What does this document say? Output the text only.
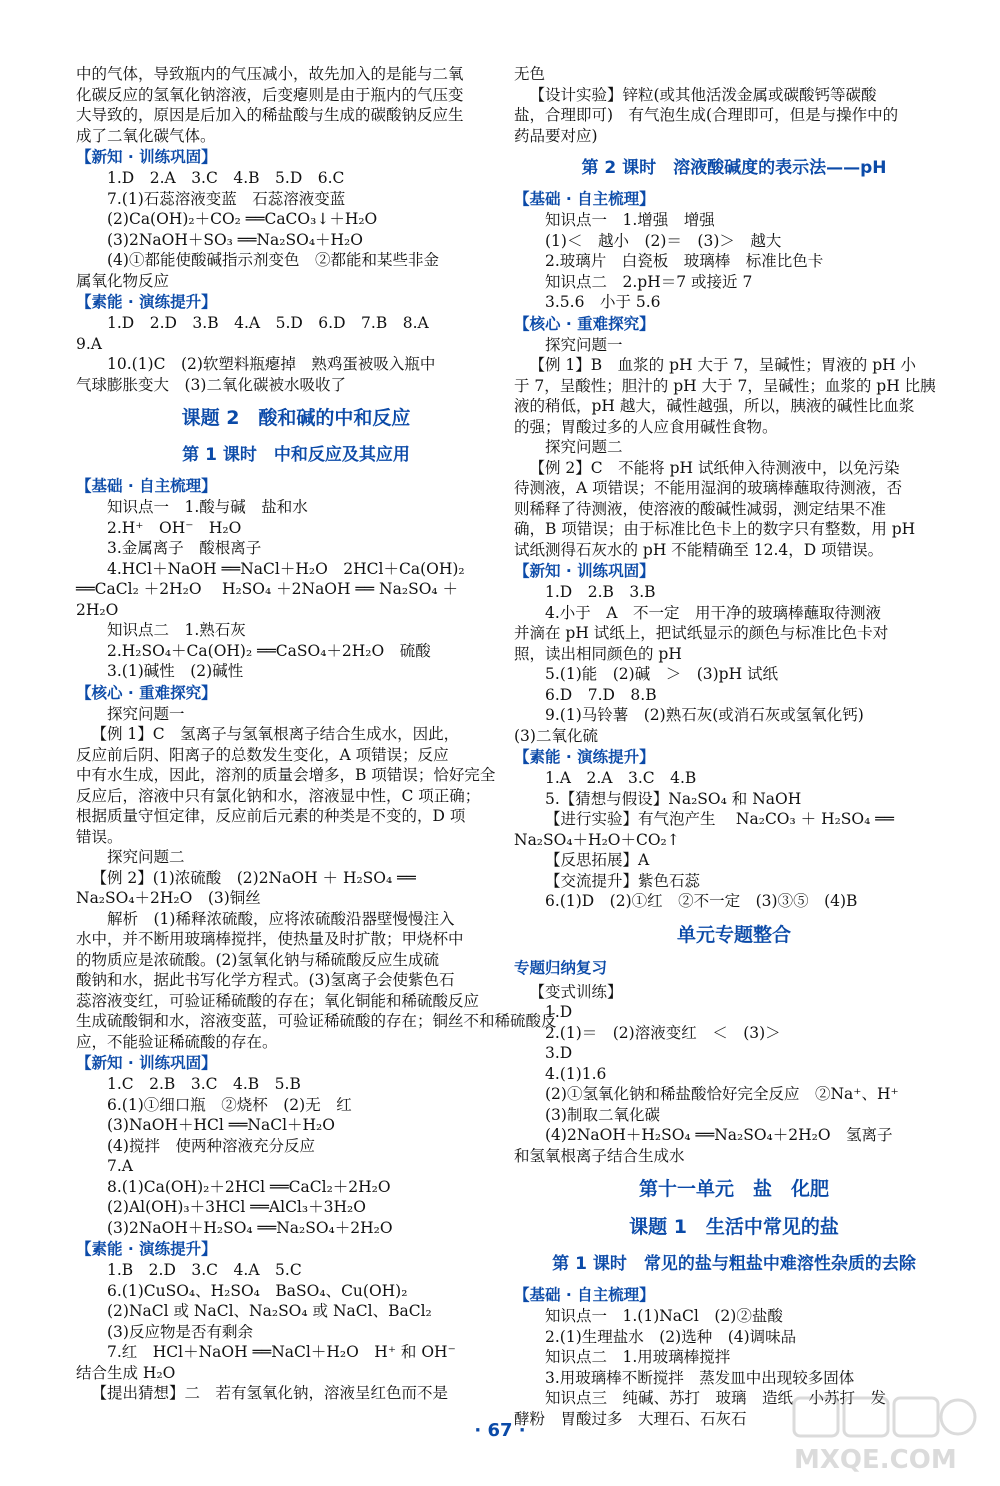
中的气体，导致瓶内的气压减小，故先加入的是能与二氧
化碳反应的氢氧化钠溶液，后变瘪则是由于瓶内的气压变
大导致的，原因是后加入的稀盐酸与生成的碳酸钠反应生
成了二氧化碳气体。
【新知 · 训练巩固】
1.D　2.A　3.C　4.B　5.D　6.C
7.(1)石蕊溶液变蓝　石蕊溶液变蓝
(2)Ca(OH)₂＋CO₂ ══CaCO₃↓＋H₂O
(3)2NaOH＋SO₃ ══Na₂SO₄＋H₂O
(4)①都能使酸碱指示剂变色　②都能和某些非金
属氧化物反应
【素能 · 演练提升】
1.D　2.D　3.B　4.A　5.D　6.D　7.B　8.A
9.A
10.(1)C　(2)软塑料瓶瘪掉　熟鸡蛋被吸入瓶中
气球膨胀变大　(3)二氧化碳被水吸收了
课题 2　酸和碱的中和反应
第 1 课时　中和反应及其应用
【基础 · 自主梳理】
知识点一　1.酸与碱　盐和水
2.H⁺　OH⁻　H₂O
3.金属离子　酸根离子
4.HCl＋NaOH ══NaCl＋H₂O　2HCl＋Ca(OH)₂
══CaCl₂ ＋2H₂O　 H₂SO₄ ＋2NaOH ══ Na₂SO₄ ＋
2H₂O
知识点二　1.熟石灰
2.H₂SO₄＋Ca(OH)₂ ══CaSO₄＋2H₂O　硫酸
3.(1)碱性　(2)碱性
【核心 · 重难探究】
探究问题一
【例 1】C　氢离子与氢氧根离子结合生成水，因此，
反应前后阴、阳离子的总数发生变化，A 项错误；反应
中有水生成，因此，溶剂的质量会增多，B 项错误；恰好完全
反应后，溶液中只有氯化钠和水，溶液显中性，C 项正确；
根据质量守恒定律，反应前后元素的种类是不变的，D 项
错误。
探究问题二
【例 2】(1)浓硫酸　(2)2NaOH ＋ H₂SO₄ ══
Na₂SO₄＋2H₂O　(3)铜丝
解析　(1)稀释浓硫酸，应将浓硫酸沿器壁慢慢注入
水中，并不断用玻璃棒搅拌，使热量及时扩散；甲烧杯中
的物质应是浓硫酸。(2)氢氧化钠与稀硫酸反应生成硫
酸钠和水，据此书写化学方程式。(3)氢离子会使紫色石
蕊溶液变红，可验证稀硫酸的存在；氧化铜能和稀硫酸反应
生成硫酸铜和水，溶液变蓝，可验证稀硫酸的存在；铜丝不和稀硫酸反
应，不能验证稀硫酸的存在。
【新知 · 训练巩固】
1.C　2.B　3.C　4.B　5.B
6.(1)①细口瓶　②烧杯　(2)无　红
(3)NaOH＋HCl ══NaCl＋H₂O
(4)搅拌　使两种溶液充分反应
7.A
8.(1)Ca(OH)₂＋2HCl ══CaCl₂＋2H₂O
(2)Al(OH)₃＋3HCl ══AlCl₃＋3H₂O
(3)2NaOH＋H₂SO₄ ══Na₂SO₄＋2H₂O
【素能 · 演练提升】
1.B　2.D　3.C　4.A　5.C
6.(1)CuSO₄、H₂SO₄　BaSO₄、Cu(OH)₂
(2)NaCl 或 NaCl、Na₂SO₄ 或 NaCl、BaCl₂
(3)反应物是否有剩余
7.红　HCl＋NaOH ══NaCl＋H₂O　H⁺ 和 OH⁻
结合生成 H₂O
【提出猜想】二　若有氢氧化钠，溶液呈红色而不是
无色
【设计实验】锌粒(或其他活泼金属或碳酸钙等碳酸
盐，合理即可)　有气泡生成(合理即可，但是与操作中的
药品要对应)
第 2 课时　溶液酸碱度的表示法——pH
【基础 · 自主梳理】
知识点一　1.增强　增强
(1)＜　越小　(2)＝　(3)＞　越大
2.玻璃片　白瓷板　玻璃棒　标准比色卡
知识点二　2.pH＝7 或接近 7
3.5.6　小于 5.6
【核心 · 重难探究】
探究问题一
【例 1】B　血浆的 pH 大于 7，呈碱性；胃液的 pH 小
于 7，呈酸性；胆汁的 pH 大于 7，呈碱性；血浆的 pH 比胰
液的稍低，pH 越大，碱性越强，所以，胰液的碱性比血浆
的强；胃酸过多的人应食用碱性食物。
探究问题二
【例 2】C　不能将 pH 试纸伸入待测液中，以免污染
待测液，A 项错误；不能用湿润的玻璃棒蘸取待测液，否
则稀释了待测液，使溶液的酸碱性减弱，测定结果不准
确，B 项错误；由于标准比色卡上的数字只有整数，用 pH
试纸测得石灰水的 pH 不能精确至 12.4，D 项错误。
【新知 · 训练巩固】
1.D　2.B　3.B
4.小于　A　不一定　用干净的玻璃棒蘸取待测液
并滴在 pH 试纸上，把试纸显示的颜色与标准比色卡对
照，读出相同颜色的 pH
5.(1)能　(2)碱　＞　(3)pH 试纸
6.D　7.D　8.B
9.(1)马铃薯　(2)熟石灰(或消石灰或氢氧化钙)
(3)二氧化硫
【素能 · 演练提升】
1.A　2.A　3.C　4.B
5.【猜想与假设】Na₂SO₄ 和 NaOH
【进行实验】有气泡产生　 Na₂CO₃ ＋ H₂SO₄ ══
Na₂SO₄＋H₂O＋CO₂↑
【反思拓展】A
【交流提升】紫色石蕊
6.(1)D　(2)①红　②不一定　(3)③⑤　(4)B
单元专题整合
专题归纳复习
【变式训练】
1.D
2.(1)＝　(2)溶液变红　＜　(3)＞
3.D
4.(1)1.6
(2)①氢氧化钠和稀盐酸恰好完全反应　②Na⁺、H⁺
(3)制取二氧化碳
(4)2NaOH＋H₂SO₄ ══Na₂SO₄＋2H₂O　氢离子
和氢氧根离子结合生成水
第十一单元　盐　化肥
课题 1　生活中常见的盐
第 1 课时　常见的盐与粗盐中难溶性杂质的去除
【基础 · 自主梳理】
知识点一　1.(1)NaCl　(2)②盐酸
2.(1)生理盐水　(2)选种　(4)调味品
知识点二　1.用玻璃棒搅拌
3.用玻璃棒不断搅拌　蒸发皿中出现较多固体
知识点三　纯碱、苏打　玻璃　造纸　小苏打　发
酵粉　胃酸过多　大理石、石灰石
· 67 ·
MXQE.COM
